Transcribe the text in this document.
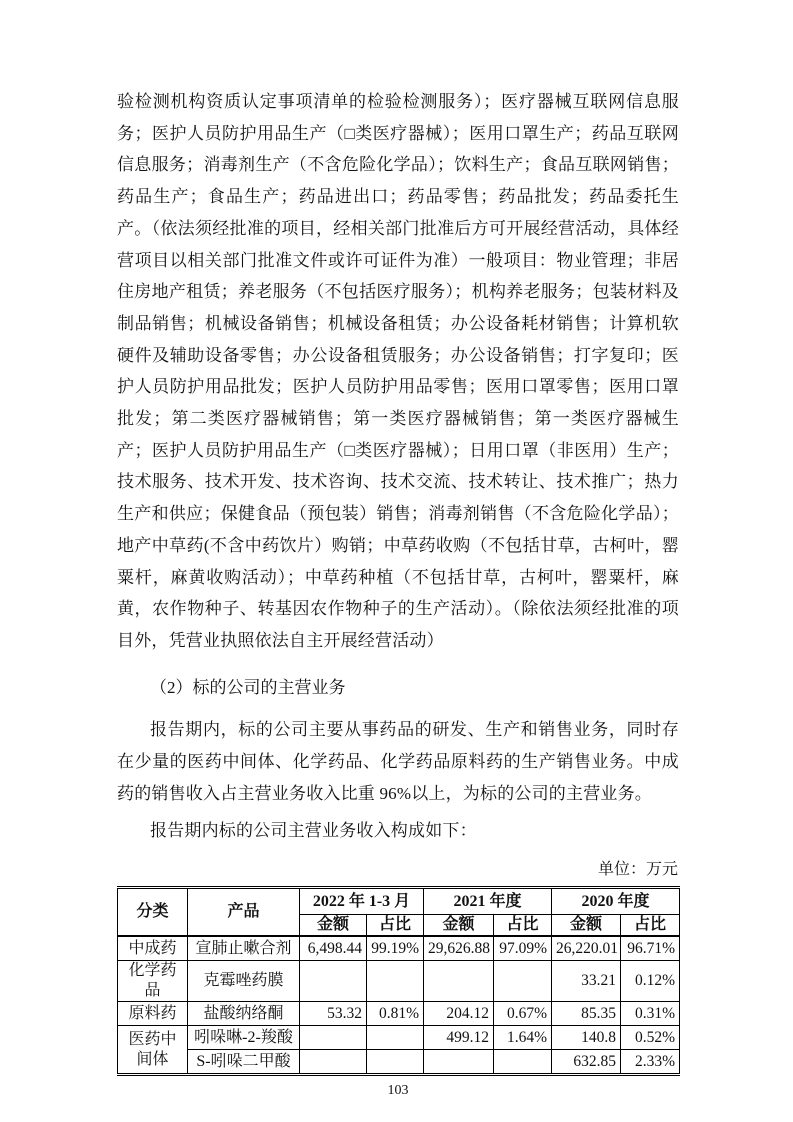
验检测机构资质认定事项清单的检验检测服务）；医疗器械互联网信息服务；医护人员防护用品生产（□类医疗器械）；医用口罩生产；药品互联网信息服务；消毒剂生产（不含危险化学品）；饮料生产；食品互联网销售；药品生产；食品生产；药品进出口；药品零售；药品批发；药品委托生产。（依法须经批准的项目，经相关部门批准后方可开展经营活动，具体经营项目以相关部门批准文件或许可证件为准）一般项目：物业管理；非居住房地产租赁；养老服务（不包括医疗服务）；机构养老服务；包装材料及制品销售；机械设备销售；机械设备租赁；办公设备耗材销售；计算机软硬件及辅助设备零售；办公设备租赁服务；办公设备销售；打字复印；医护人员防护用品批发；医护人员防护用品零售；医用口罩零售；医用口罩批发；第二类医疗器械销售；第一类医疗器械销售；第一类医疗器械生产；医护人员防护用品生产（□类医疗器械）；日用口罩（非医用）生产；技术服务、技术开发、技术咨询、技术交流、技术转让、技术推广；热力生产和供应；保健食品（预包装）销售；消毒剂销售（不含危险化学品）；地产中草药(不含中药饮片）购销；中草药收购（不包括甘草，古柯叶，罂粟杆，麻黄收购活动）；中草药种植（不包括甘草，古柯叶，罂粟杆，麻黄，农作物种子、转基因农作物种子的生产活动）。（除依法须经批准的项目外，凭营业执照依法自主开展经营活动）

（2）标的公司的主营业务

报告期内，标的公司主要从事药品的研发、生产和销售业务，同时存在少量的医药中间体、化学药品、化学药品原料药的生产销售业务。中成药的销售收入占主营业务收入比重 96%以上，为标的公司的主营业务。

报告期内标的公司主营业务收入构成如下：

单位：万元
分类	产品	2022 年 1-3 月		2021 年度		2020 年度	
		金额	占比	金额	占比	金额	占比
中成药	宣肺止嗽合剂	6,498.44	99.19%	29,626.88	97.09%	26,220.01	96.71%
化学药品	克霉唑药膜					33.21	0.12%
原料药	盐酸纳络酮	53.32	0.81%	204.12	0.67%	85.35	0.31%
医药中间体	吲哚啉-2-羧酸			499.12	1.64%	140.8	0.52%
	S-吲哚二甲酸					632.85	2.33%
103
